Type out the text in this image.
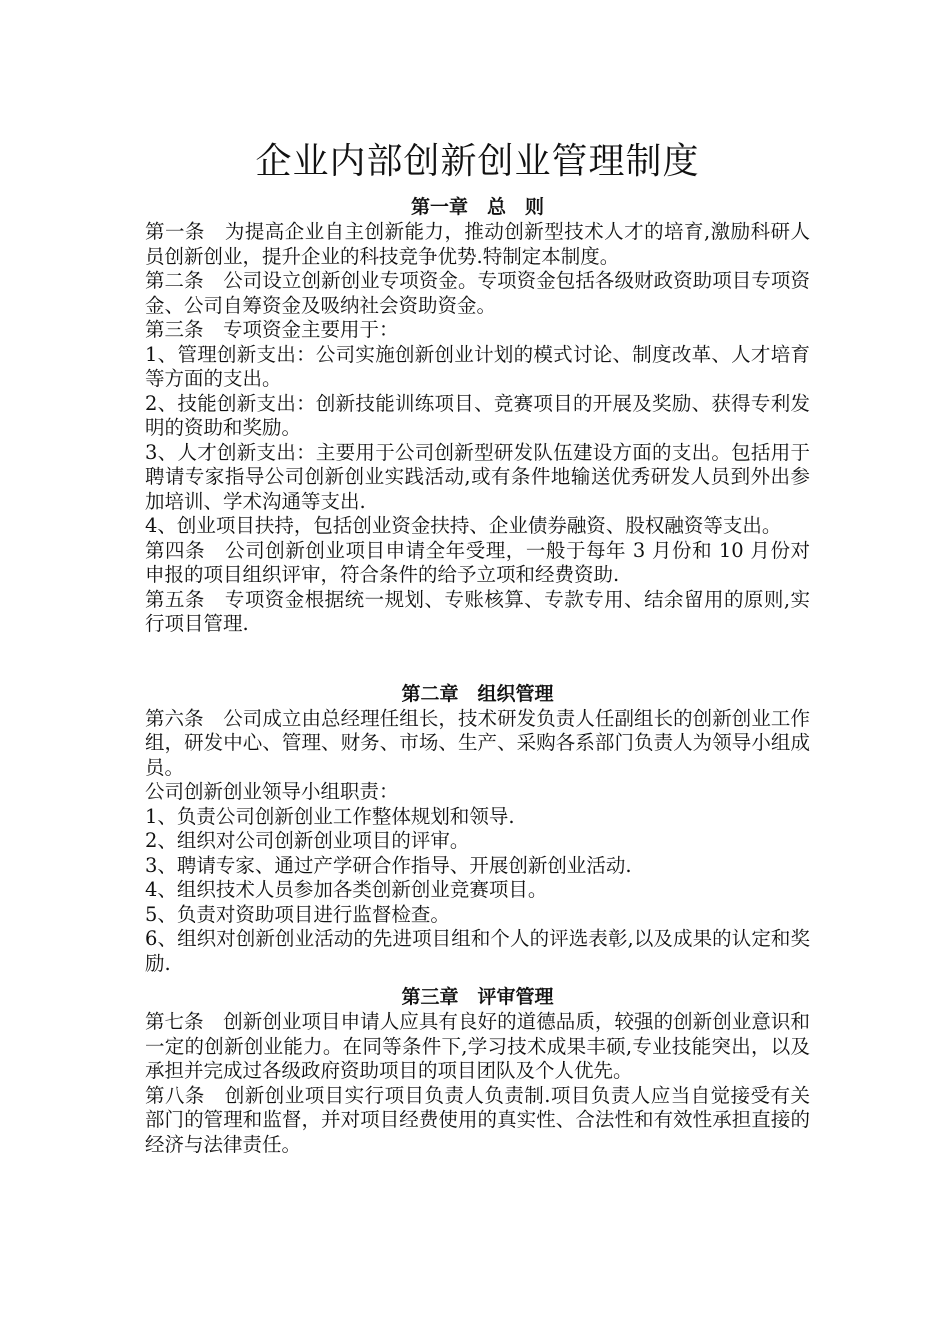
企业内部创新创业管理制度
第一章　总　则

第一条　为提高企业自主创新能力，推动创新型技术人才的培育,激励科研人员创新创业，提升企业的科技竞争优势.特制定本制度。

第二条　公司设立创新创业专项资金。专项资金包括各级财政资助项目专项资金、公司自筹资金及吸纳社会资助资金。

第三条　专项资金主要用于：

1、管理创新支出：公司实施创新创业计划的模式讨论、制度改革、人才培育等方面的支出。

2、技能创新支出：创新技能训练项目、竞赛项目的开展及奖励、获得专利发明的资助和奖励。

3、人才创新支出：主要用于公司创新型研发队伍建设方面的支出。包括用于聘请专家指导公司创新创业实践活动,或有条件地输送优秀研发人员到外出参加培训、学术沟通等支出.

4、创业项目扶持，包括创业资金扶持、企业债券融资、股权融资等支出。

第四条　公司创新创业项目申请全年受理，一般于每年 3 月份和 10 月份对申报的项目组织评审，符合条件的给予立项和经费资助.

第五条　专项资金根据统一规划、专账核算、专款专用、结余留用的原则,实行项目管理.

第二章　组织管理

第六条　公司成立由总经理任组长，技术研发负责人任副组长的创新创业工作组，研发中心、管理、财务、市场、生产、采购各系部门负责人为领导小组成员。

公司创新创业领导小组职责：

1、负责公司创新创业工作整体规划和领导.

2、组织对公司创新创业项目的评审。

3、聘请专家、通过产学研合作指导、开展创新创业活动.

4、组织技术人员参加各类创新创业竞赛项目。

5、负责对资助项目进行监督检查。

6、组织对创新创业活动的先进项目组和个人的评选表彰,以及成果的认定和奖励.

第三章　评审管理

第七条　创新创业项目申请人应具有良好的道德品质，较强的创新创业意识和一定的创新创业能力。在同等条件下,学习技术成果丰硕,专业技能突出，以及承担并完成过各级政府资助项目的项目团队及个人优先。

第八条　创新创业项目实行项目负责人负责制.项目负责人应当自觉接受有关部门的管理和监督，并对项目经费使用的真实性、合法性和有效性承担直接的经济与法律责任。
